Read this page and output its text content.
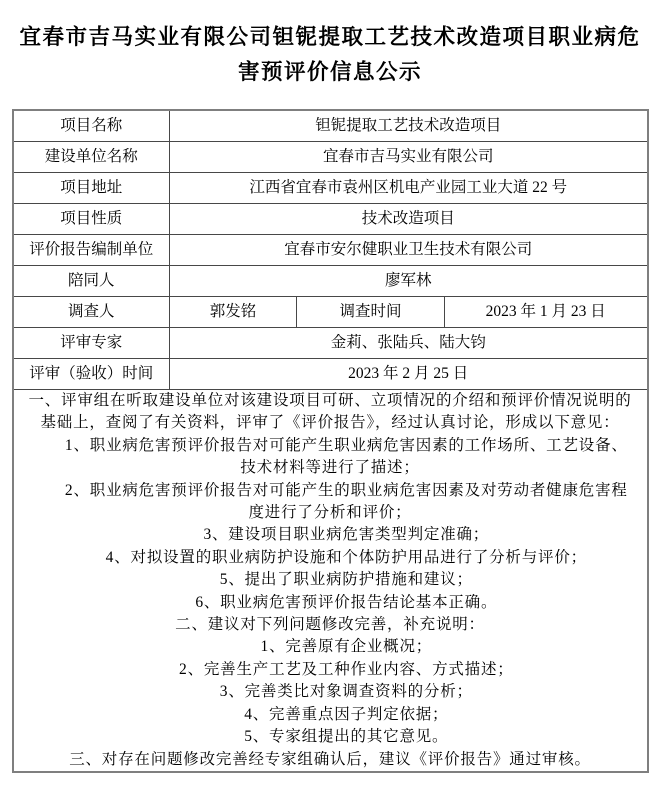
宜春市吉马实业有限公司钽铌提取工艺技术改造项目职业病危
害预评价信息公示
项目名称	钽铌提取工艺技术改造项目		
建设单位名称	宜春市吉马实业有限公司		
项目地址	江西省宜春市袁州区机电产业园工业大道 22 号		
项目性质	技术改造项目		
评价报告编制单位	宜春市安尔健职业卫生技术有限公司		
陪同人	廖军林		
调查人	郭发铭	调查时间	2023 年 1 月 23 日
评审专家	金莉、张陆兵、陆大钧		
评审（验收）时间	2023 年 2 月 25 日		

一、评审组在听取建设单位对该建设项目可研、立项情况的介绍和预评价情况说明的
基础上，查阅了有关资料，评审了《评价报告》，经过认真讨论，形成以下意见：
　　1、职业病危害预评价报告对可能产生职业病危害因素的工作场所、工艺设备、
技术材料等进行了描述；
　　2、职业病危害预评价报告对可能产生的职业病危害因素及对劳动者健康危害程
度进行了分析和评价；
　　3、建设项目职业病危害类型判定准确；
　　4、对拟设置的职业病防护设施和个体防护用品进行了分析与评价；
　　5、提出了职业病防护措施和建议；
　　6、职业病危害预评价报告结论基本正确。
二、建议对下列问题修改完善，补充说明：
　　1、完善原有企业概况；
　　2、完善生产工艺及工种作业内容、方式描述；
　　3、完善类比对象调查资料的分析；
　　4、完善重点因子判定依据；
　　5、专家组提出的其它意见。
三、对存在问题修改完善经专家组确认后，建议《评价报告》通过审核。
